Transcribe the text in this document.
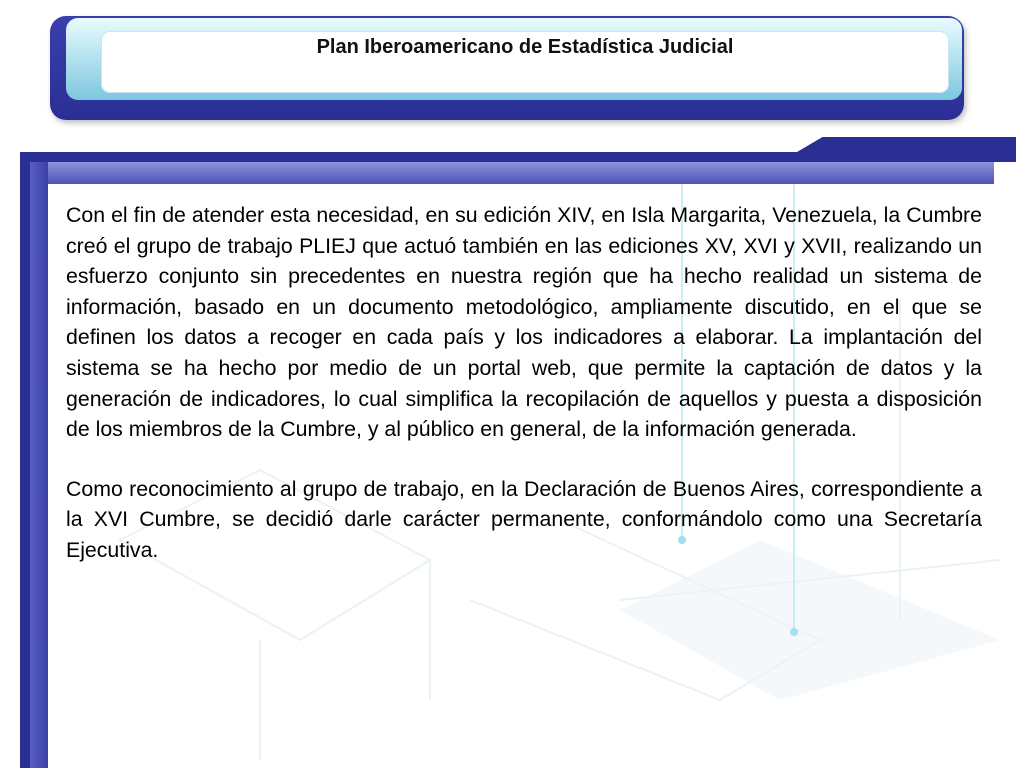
Plan Iberoamericano de Estadística Judicial

Con el fin de atender esta necesidad, en su edición XIV, en Isla Margarita, Venezuela, la Cumbre creó el grupo de trabajo PLIEJ que actuó también en las ediciones XV, XVI y XVII, realizando un esfuerzo conjunto sin precedentes en nuestra región que ha hecho realidad un sistema de información, basado en un documento metodológico, ampliamente discutido, en el que se definen los datos a recoger en cada país y los indicadores a elaborar. La implantación del sistema se ha hecho por medio de un portal web, que permite la captación de datos y la generación de indicadores, lo cual simplifica la recopilación de aquellos y puesta a disposición de los miembros de la Cumbre, y al público en general, de la información generada.

Como reconocimiento al grupo de trabajo, en la Declaración de Buenos Aires, correspondiente a la XVI Cumbre, se decidió darle carácter permanente, conformándolo como una Secretaría Ejecutiva.
